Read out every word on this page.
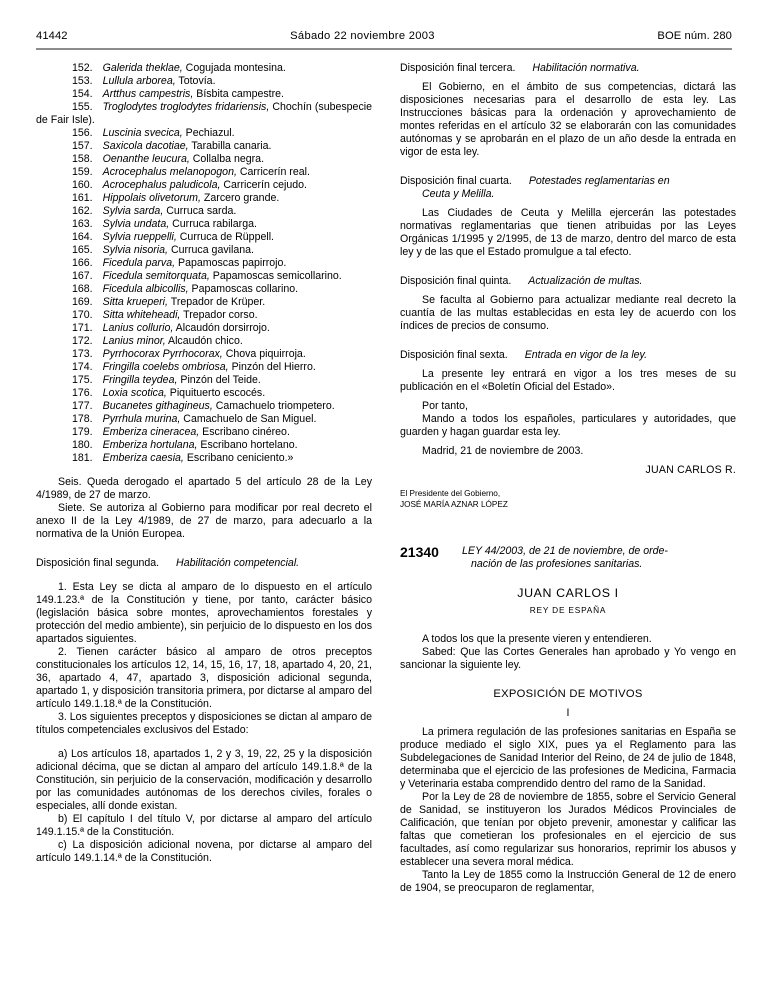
41442	Sábado 22 noviembre 2003	BOE núm. 280

152. Galerida theklae, Cogujada montesina.

153. Lullula arborea, Totovía.

154. Artthus campestris, Bísbita campestre.

155. Troglodytes troglodytes fridariensis, Chochín (subespecie de Fair Isle).

156. Luscinia svecica, Pechiazul.

157. Saxicola dacotiae, Tarabilla canaria.

158. Oenanthe leucura, Collalba negra.

159. Acrocephalus melanopogon, Carricerín real.

160. Acrocephalus paludicola, Carricerín cejudo.

161. Hippolais olivetorum, Zarcero grande.

162. Sylvia sarda, Curruca sarda.

163. Sylvia undata, Curruca rabilarga.

164. Sylvia rueppelli, Curruca de Rüppell.

165. Sylvia nisoria, Curruca gavilana.

166. Ficedula parva, Papamoscas papirrojo.

167. Ficedula semitorquata, Papamoscas semicollarino.

168. Ficedula albicollis, Papamoscas collarino.

169. Sitta krueperi, Trepador de Krüper.

170. Sitta whiteheadi, Trepador corso.

171. Lanius collurio, Alcaudón dorsirrojo.

172. Lanius minor, Alcaudón chico.

173. Pyrrhocorax Pyrrhocorax, Chova piquirroja.

174. Fringilla coelebs ombriosa, Pinzón del Hierro.

175. Fringilla teydea, Pinzón del Teide.

176. Loxia scotica, Piquituerto escocés.

177. Bucanetes githagineus, Camachuelo triompetero.

178. Pyrrhula murina, Camachuelo de San Miguel.

179. Emberiza cineracea, Escribano cinéreo.

180. Emberiza hortulana, Escribano hortelano.

181. Emberiza caesia, Escribano ceniciento.»

Seis. Queda derogado el apartado 5 del artículo 28 de la Ley 4/1989, de 27 de marzo.

Siete. Se autoriza al Gobierno para modificar por real decreto el anexo II de la Ley 4/1989, de 27 de marzo, para adecuarlo a la normativa de la Unión Europea.

Disposición final segunda. Habilitación competencial.

1. Esta Ley se dicta al amparo de lo dispuesto en el artículo 149.1.23.ª de la Constitución y tiene, por tanto, carácter básico (legislación básica sobre montes, aprovechamientos forestales y protección del medio ambiente), sin perjuicio de lo dispuesto en los dos apartados siguientes.

2. Tienen carácter básico al amparo de otros preceptos constitucionales los artículos 12, 14, 15, 16, 17, 18, apartado 4, 20, 21, 36, apartado 4, 47, apartado 3, disposición adicional segunda, apartado 1, y disposición transitoria primera, por dictarse al amparo del artículo 149.1.18.ª de la Constitución.

3. Los siguientes preceptos y disposiciones se dictan al amparo de títulos competenciales exclusivos del Estado:

a) Los artículos 18, apartados 1, 2 y 3, 19, 22, 25 y la disposición adicional décima, que se dictan al amparo del artículo 149.1.8.ª de la Constitución, sin perjuicio de la conservación, modificación y desarrollo por las comunidades autónomas de los derechos civiles, forales o especiales, allí donde existan.

b) El capítulo I del título V, por dictarse al amparo del artículo 149.1.15.ª de la Constitución.

c) La disposición adicional novena, por dictarse al amparo del artículo 149.1.14.ª de la Constitución.

Disposición final tercera. Habilitación normativa.

El Gobierno, en el ámbito de sus competencias, dictará las disposiciones necesarias para el desarrollo de esta ley. Las Instrucciones básicas para la ordenación y aprovechamiento de montes referidas en el artículo 32 se elaborarán con las comunidades autónomas y se aprobarán en el plazo de un año desde la entrada en vigor de esta ley.

Disposición final cuarta. Potestades reglamentarias en

Ceuta y Melilla.

Las Ciudades de Ceuta y Melilla ejercerán las potestades normativas reglamentarias que tienen atribuidas por las Leyes Orgánicas 1/1995 y 2/1995, de 13 de marzo, dentro del marco de esta ley y de las que el Estado promulgue a tal efecto.

Disposición final quinta. Actualización de multas.

Se faculta al Gobierno para actualizar mediante real decreto la cuantía de las multas establecidas en esta ley de acuerdo con los índices de precios de consumo.

Disposición final sexta. Entrada en vigor de la ley.

La presente ley entrará en vigor a los tres meses de su publicación en el «Boletín Oficial del Estado».

Por tanto,

Mando a todos los españoles, particulares y autoridades, que guarden y hagan guardar esta ley.

Madrid, 21 de noviembre de 2003.

JUAN CARLOS R.

El Presidente del Gobierno,

JOSÉ MARÍA AZNAR LÓPEZ

21340	LEY 44/2003, de 21 de noviembre, de orde-
nación de las profesiones sanitarias.

JUAN CARLOS I

REY DE ESPAÑA

A todos los que la presente vieren y entendieren.

Sabed: Que las Cortes Generales han aprobado y Yo vengo en sancionar la siguiente ley.

EXPOSICIÓN DE MOTIVOS

I

La primera regulación de las profesiones sanitarias en España se produce mediado el siglo XIX, pues ya el Reglamento para las Subdelegaciones de Sanidad Interior del Reino, de 24 de julio de 1848, determinaba que el ejercicio de las profesiones de Medicina, Farmacia y Veterinaria estaba comprendido dentro del ramo de la Sanidad.

Por la Ley de 28 de noviembre de 1855, sobre el Servicio General de Sanidad, se instituyeron los Jurados Médicos Provinciales de Calificación, que tenían por objeto prevenir, amonestar y calificar las faltas que cometieran los profesionales en el ejercicio de sus facultades, así como regularizar sus honorarios, reprimir los abusos y establecer una severa moral médica.

Tanto la Ley de 1855 como la Instrucción General de 12 de enero de 1904, se preocuparon de reglamentar,
